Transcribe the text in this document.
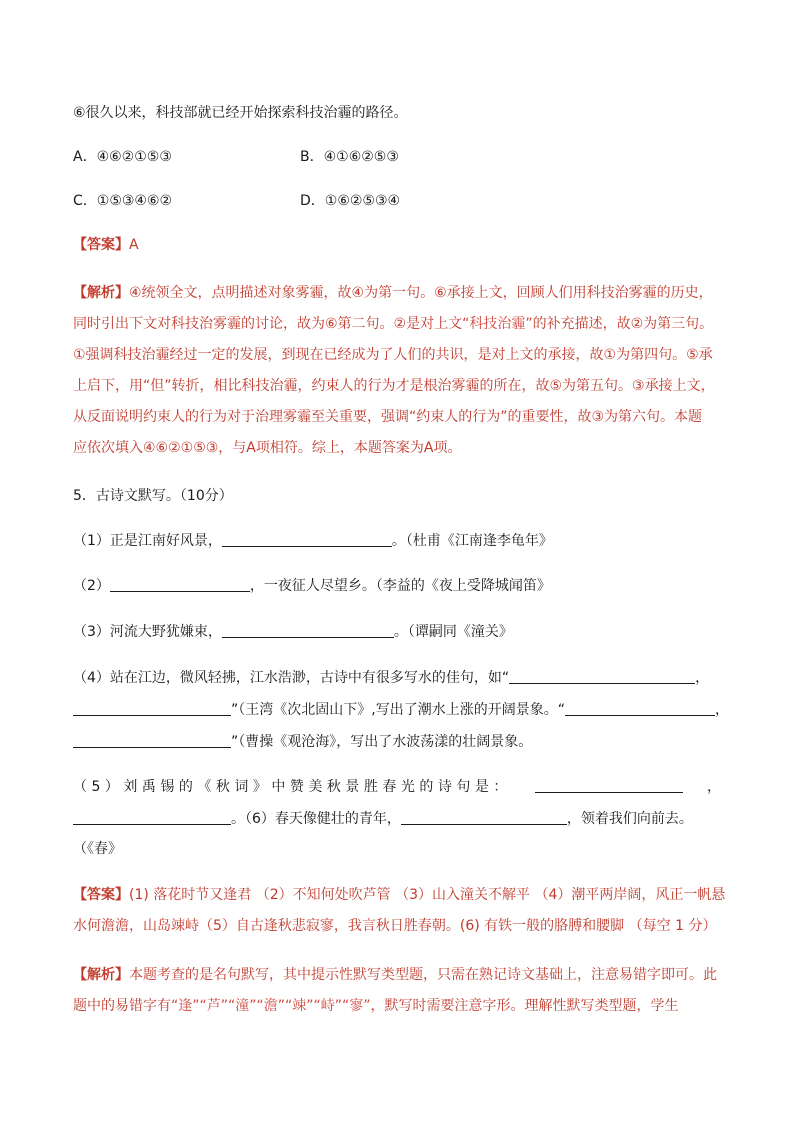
⑥很久以来，科技部就已经开始探索科技治霾的路径。
A．④⑥②①⑤③	B．④①⑥②⑤③
C．①⑤③④⑥②	D．①⑥②⑤③④
【答案】A
【解析】④统领全文，点明描述对象雾霾，故④为第一句。⑥承接上文，回顾人们用科技治雾霾的历史，
同时引出下文对科技治雾霾的讨论，故为⑥第二句。②是对上文“科技治霾”的补充描述，故②为第三句。
①强调科技治霾经过一定的发展，到现在已经成为了人们的共识，是对上文的承接，故①为第四句。⑤承
上启下，用“但”转折，相比科技治霾，约束人的行为才是根治雾霾的所在，故⑤为第五句。③承接上文，
从反面说明约束人的行为对于治理雾霾至关重要，强调“约束人的行为”的重要性，故③为第六句。本题
应依次填入④⑥②①⑤③，与A项相符。综上，本题答案为A项。
5．古诗文默写。（10分）
（1）正是江南好风景，	。（杜甫《江南逢李龟年》
（2）	，一夜征人尽望乡。（李益的《夜上受降城闻笛》
（3）河流大野犹嫌束，	。（谭嗣同《潼关》
（4）站在江边，微风轻拂，江水浩渺，古诗中有很多写水的佳句，如“	，
”（王湾《次北固山下》,写出了潮水上涨的开阔景象。“	，
”（曹操《观沧海》，写出了水波荡漾的壮阔景象。
（5）刘禹锡的《秋词》中赞美秋景胜春光的诗句是：	，
。（6）春天像健壮的青年，	，领着我们向前去。
（《春》
【答案】(1) 落花时节又逢君 （2）不知何处吹芦管 （3）山入潼关不解平 （4）潮平两岸阔，风正一帆悬
水何澹澹，山岛竦峙（5）自古逢秋悲寂寥，我言秋日胜春朝。(6) 有铁一般的胳膊和腰脚 （每空 1 分）
【解析】本题考查的是名句默写，其中提示性默写类型题，只需在熟记诗文基础上，注意易错字即可。此
题中的易错字有“逢”“芦”“潼”“澹”“竦”“峙”“寥”，默写时需要注意字形。理解性默写类型题，学生
